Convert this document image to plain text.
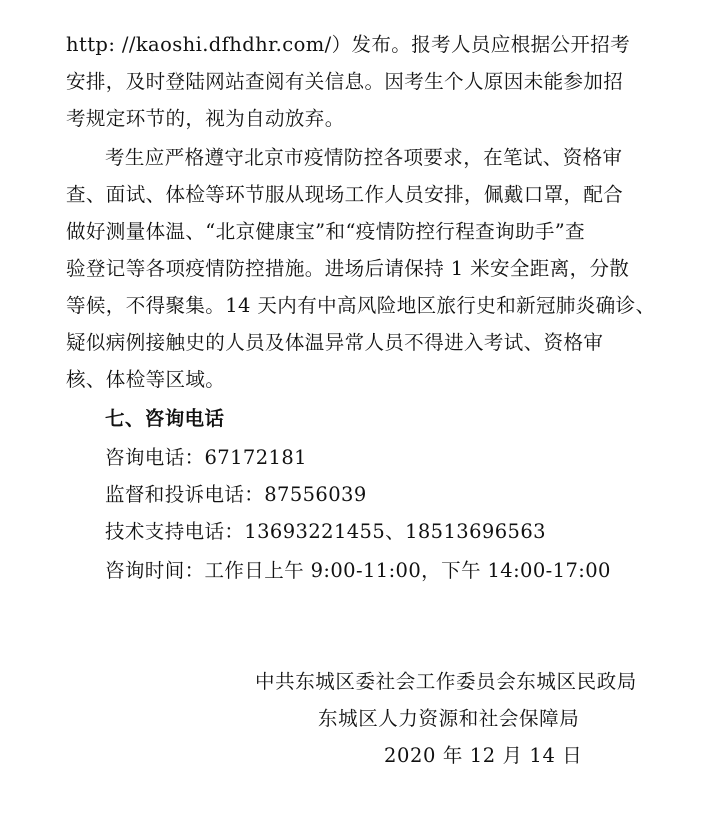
http: //kaoshi.dfhdhr.com/）发布。报考人员应根据公开招考
安排，及时登陆网站查阅有关信息。因考生个人原因未能参加招
考规定环节的，视为自动放弃。
考生应严格遵守北京市疫情防控各项要求，在笔试、资格审
查、面试、体检等环节服从现场工作人员安排，佩戴口罩，配合
做好测量体温、“北京健康宝”和“疫情防控行程查询助手”查
验登记等各项疫情防控措施。进场后请保持 1 米安全距离，分散
等候，不得聚集。14 天内有中高风险地区旅行史和新冠肺炎确诊、
疑似病例接触史的人员及体温异常人员不得进入考试、资格审
核、体检等区域。
七、咨询电话
咨询电话：67172181
监督和投诉电话：87556039
技术支持电话：13693221455、18513696563
咨询时间：工作日上午 9:00-11:00，下午 14:00-17:00
中共东城区委社会工作委员会东城区民政局
东城区人力资源和社会保障局
2020 年 12 月 14 日
